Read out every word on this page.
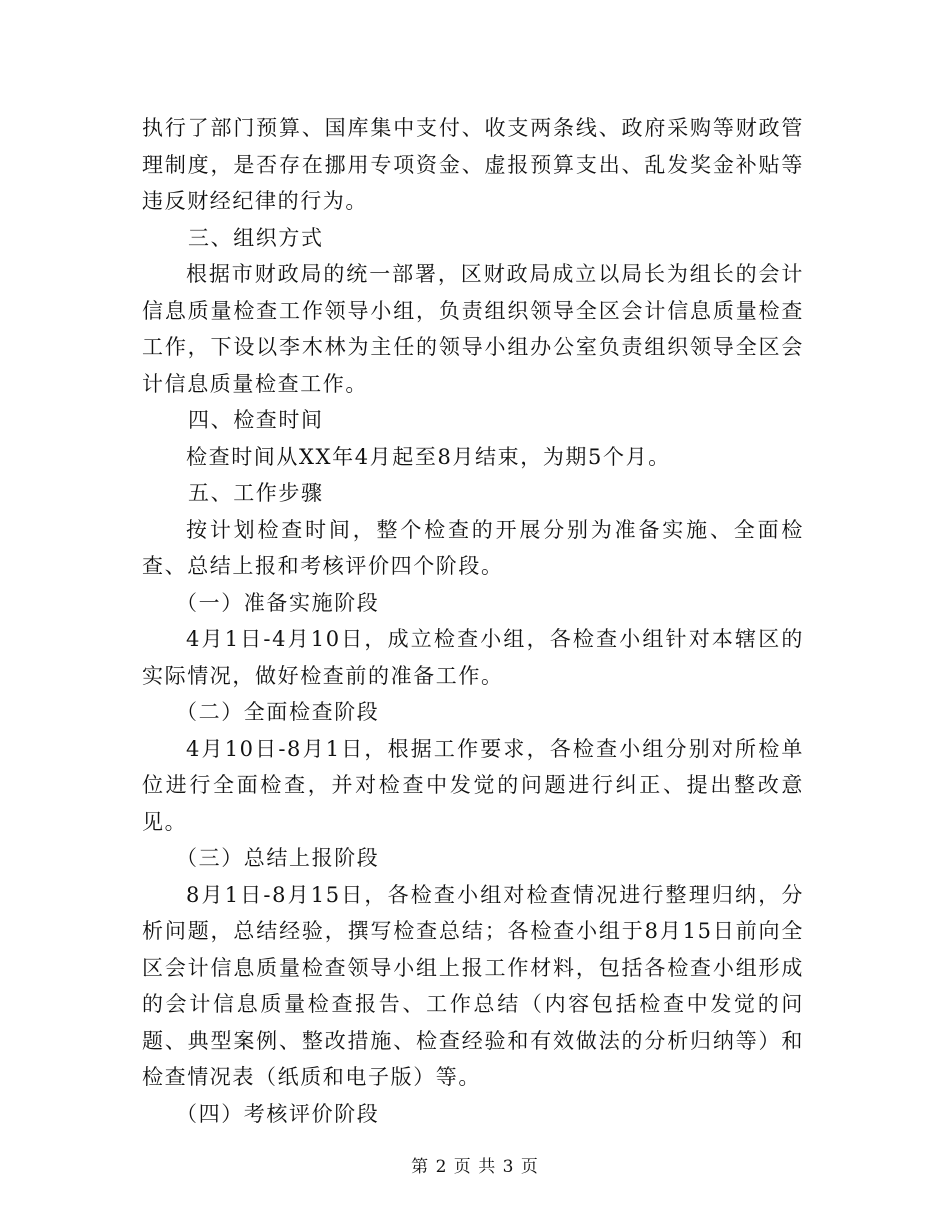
执行了部门预算、国库集中支付、收支两条线、政府采购等财政管理制度，是否存在挪用专项资金、虚报预算支出、乱发奖金补贴等违反财经纪律的行为。

三、组织方式

根据市财政局的统一部署，区财政局成立以局长为组长的会计信息质量检查工作领导小组，负责组织领导全区会计信息质量检查工作，下设以李木林为主任的领导小组办公室负责组织领导全区会计信息质量检查工作。

四、检查时间

检查时间从XX年4月起至8月结束，为期5个月。

五、工作步骤

按计划检查时间，整个检查的开展分别为准备实施、全面检查、总结上报和考核评价四个阶段。

（一）准备实施阶段

4月1日-4月10日，成立检查小组，各检查小组针对本辖区的实际情况，做好检查前的准备工作。

（二）全面检查阶段

4月10日-8月1日，根据工作要求，各检查小组分别对所检单位进行全面检查，并对检查中发觉的问题进行纠正、提出整改意见。

（三）总结上报阶段

8月1日-8月15日，各检查小组对检查情况进行整理归纳，分析问题，总结经验，撰写检查总结；各检查小组于8月15日前向全区会计信息质量检查领导小组上报工作材料，包括各检查小组形成的会计信息质量检查报告、工作总结（内容包括检查中发觉的问题、典型案例、整改措施、检查经验和有效做法的分析归纳等）和检查情况表（纸质和电子版）等。

（四）考核评价阶段

第 2 页 共 3 页
